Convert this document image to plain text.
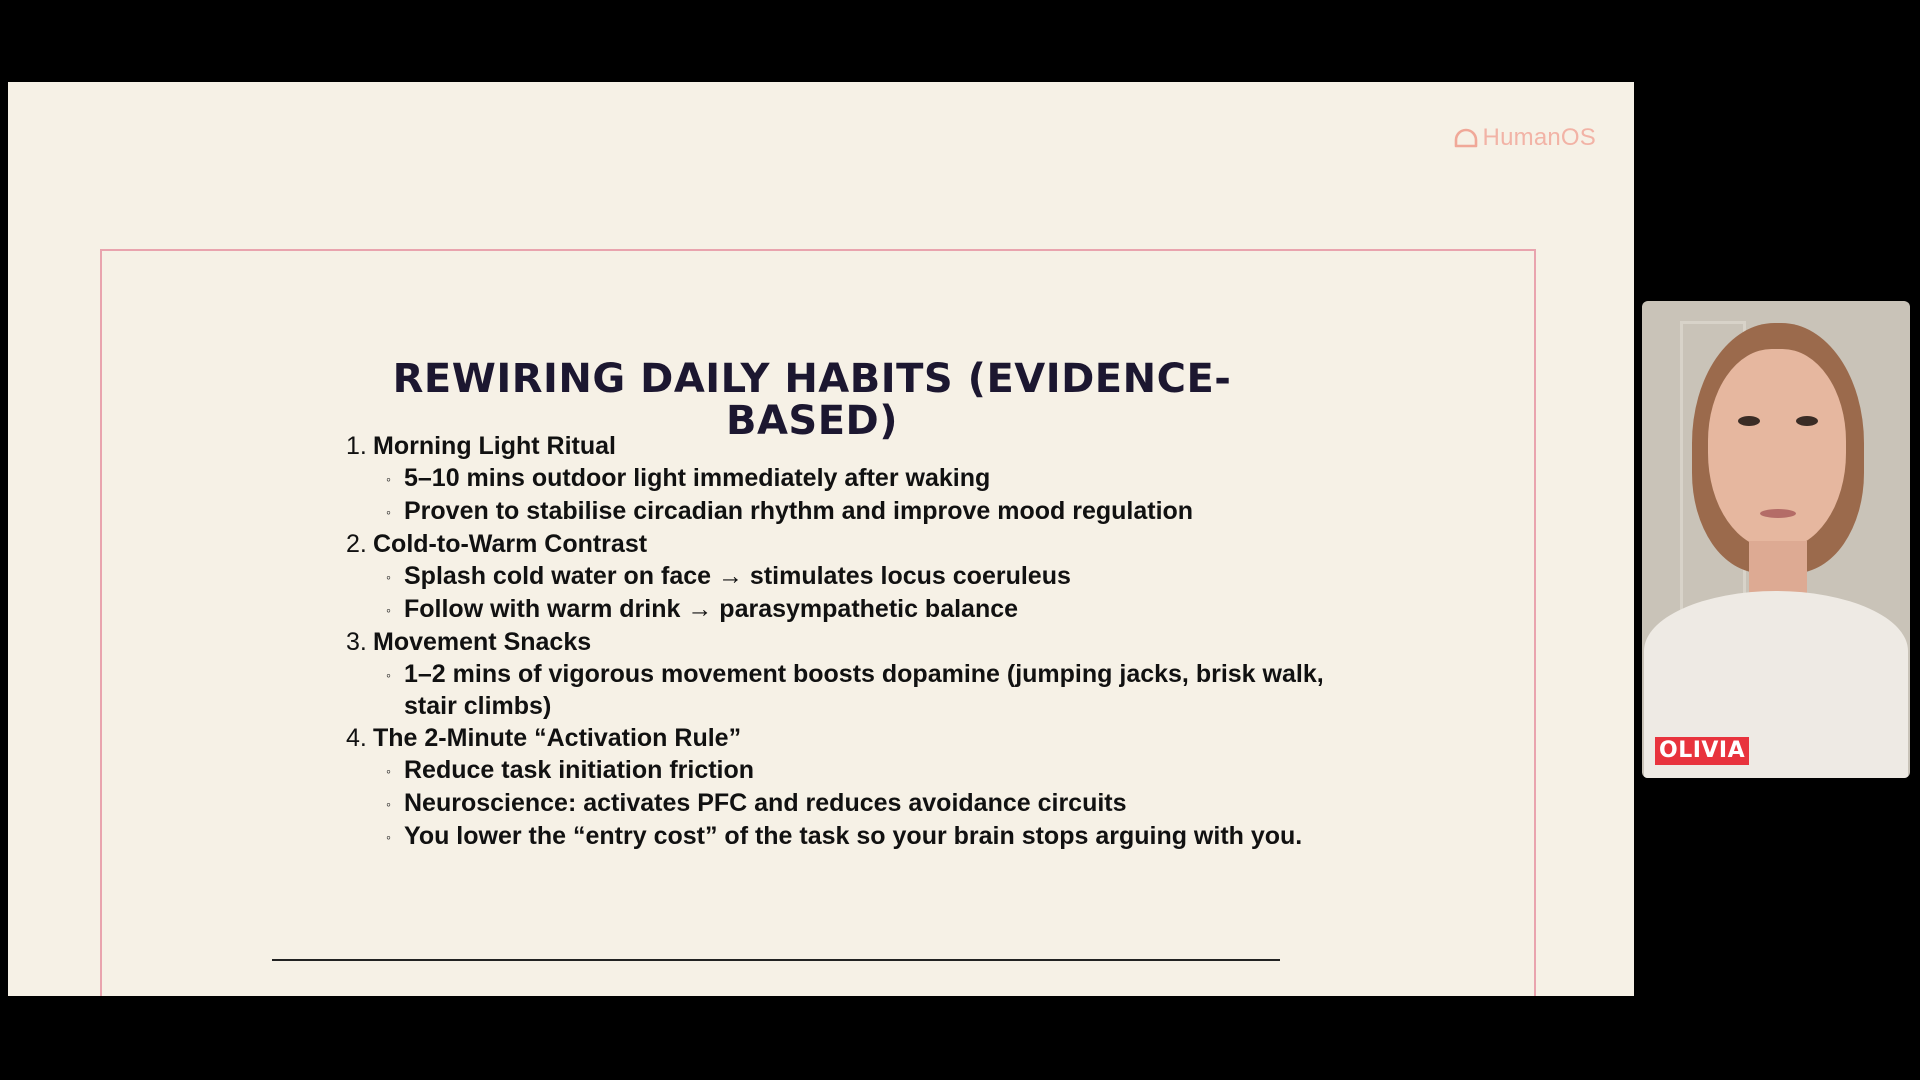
HumanOS
REWIRING DAILY HABITS (EVIDENCE-BASED)
1. Morning Light Ritual
◦ 5–10 mins outdoor light immediately after waking
◦ Proven to stabilise circadian rhythm and improve mood regulation
2. Cold-to-Warm Contrast
◦ Splash cold water on face → stimulates locus coeruleus
◦ Follow with warm drink → parasympathetic balance
3. Movement Snacks
◦ 1–2 mins of vigorous movement boosts dopamine (jumping jacks, brisk walk, stair climbs)
4. The 2-Minute “Activation Rule”
◦ Reduce task initiation friction
◦ Neuroscience: activates PFC and reduces avoidance circuits
◦ You lower the “entry cost” of the task so your brain stops arguing with you.
OLIVIA
